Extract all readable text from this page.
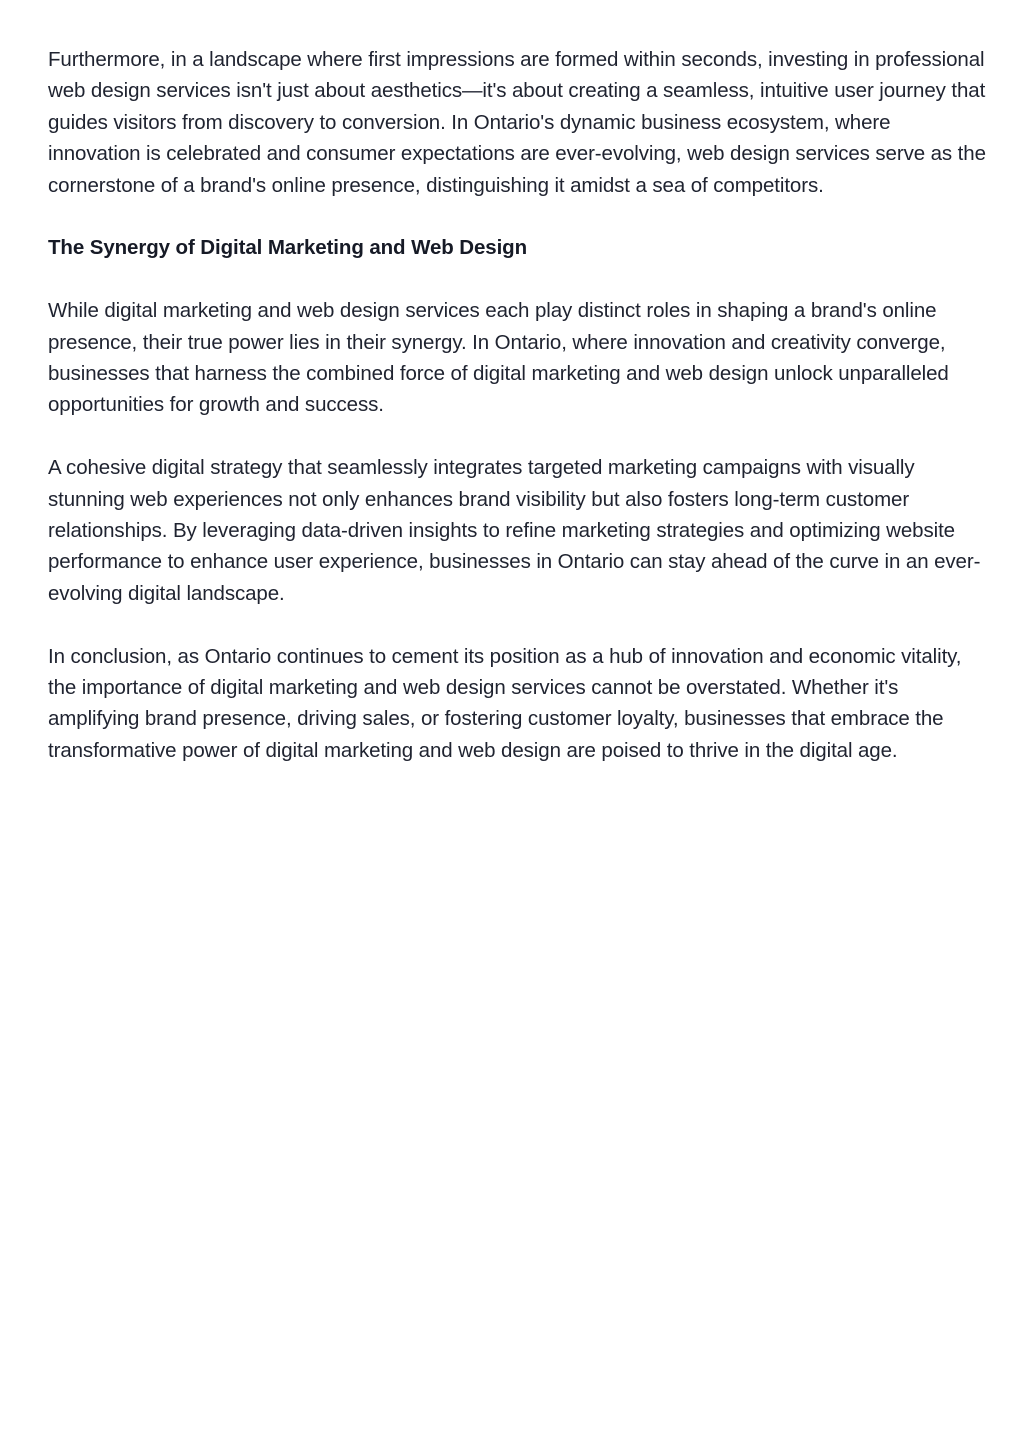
Furthermore, in a landscape where first impressions are formed within seconds, investing in professional web design services isn't just about aesthetics—it's about creating a seamless, intuitive user journey that guides visitors from discovery to conversion. In Ontario's dynamic business ecosystem, where innovation is celebrated and consumer expectations are ever-evolving, web design services serve as the cornerstone of a brand's online presence, distinguishing it amidst a sea of competitors.

The Synergy of Digital Marketing and Web Design

While digital marketing and web design services each play distinct roles in shaping a brand's online presence, their true power lies in their synergy. In Ontario, where innovation and creativity converge, businesses that harness the combined force of digital marketing and web design unlock unparalleled opportunities for growth and success.

A cohesive digital strategy that seamlessly integrates targeted marketing campaigns with visually stunning web experiences not only enhances brand visibility but also fosters long-term customer relationships. By leveraging data-driven insights to refine marketing strategies and optimizing website performance to enhance user experience, businesses in Ontario can stay ahead of the curve in an ever-evolving digital landscape.

In conclusion, as Ontario continues to cement its position as a hub of innovation and economic vitality, the importance of digital marketing and web design services cannot be overstated. Whether it's amplifying brand presence, driving sales, or fostering customer loyalty, businesses that embrace the transformative power of digital marketing and web design are poised to thrive in the digital age.
